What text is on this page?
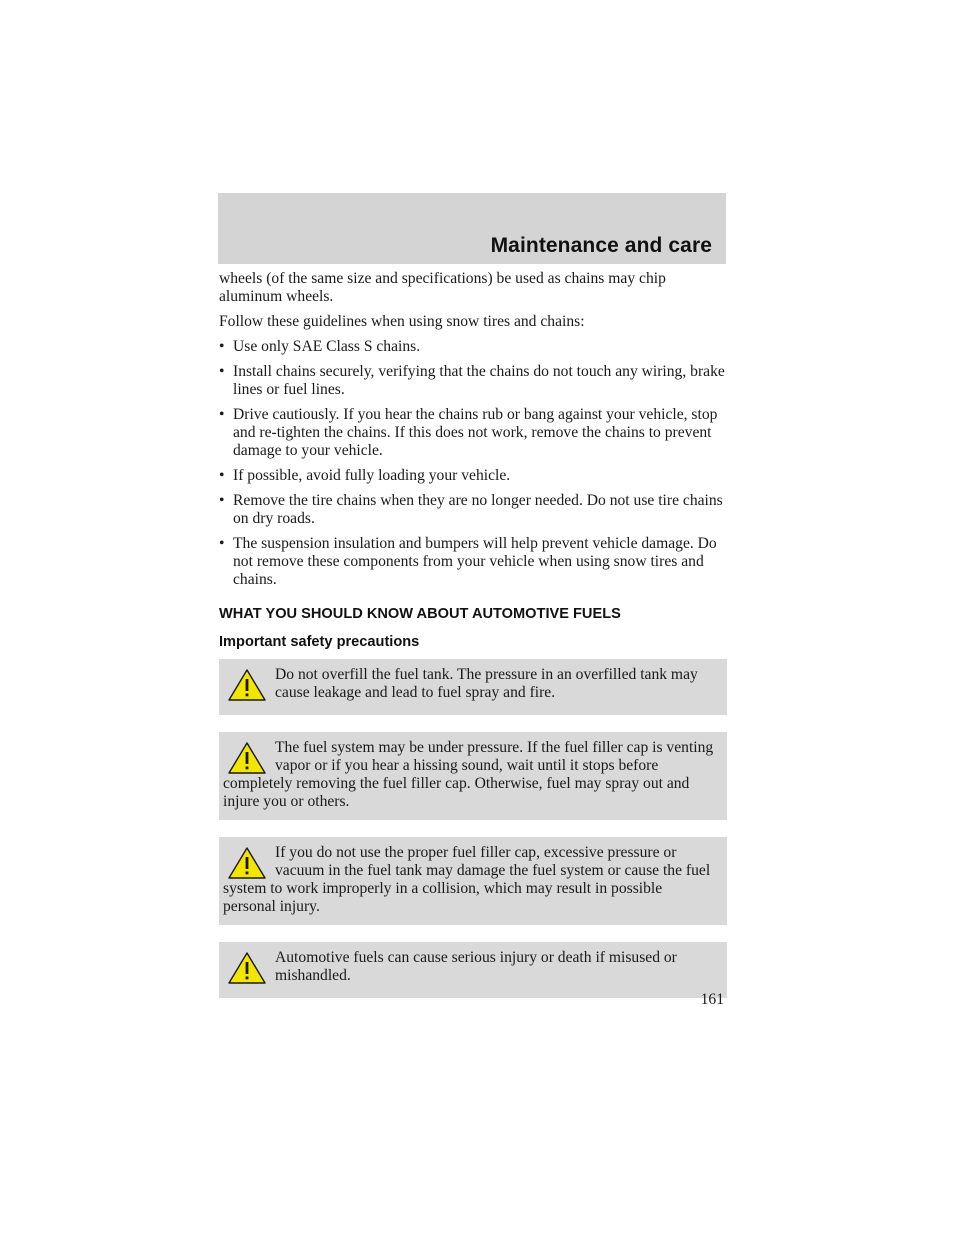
Maintenance and care

wheels (of the same size and specifications) be used as chains may chip aluminum wheels.

Follow these guidelines when using snow tires and chains:

• Use only SAE Class S chains.
• Install chains securely, verifying that the chains do not touch any wiring, brake lines or fuel lines.
• Drive cautiously. If you hear the chains rub or bang against your vehicle, stop and re-tighten the chains. If this does not work, remove the chains to prevent damage to your vehicle.
• If possible, avoid fully loading your vehicle.
• Remove the tire chains when they are no longer needed. Do not use tire chains on dry roads.
• The suspension insulation and bumpers will help prevent vehicle damage. Do not remove these components from your vehicle when using snow tires and chains.
WHAT YOU SHOULD KNOW ABOUT AUTOMOTIVE FUELS
Important safety precautions

Do not overfill the fuel tank. The pressure in an overfilled tank may cause leakage and lead to fuel spray and fire.

The fuel system may be under pressure. If the fuel filler cap is venting vapor or if you hear a hissing sound, wait until it stops before completely removing the fuel filler cap. Otherwise, fuel may spray out and injure you or others.

If you do not use the proper fuel filler cap, excessive pressure or vacuum in the fuel tank may damage the fuel system or cause the fuel system to work improperly in a collision, which may result in possible personal injury.

Automotive fuels can cause serious injury or death if misused or mishandled.

161
